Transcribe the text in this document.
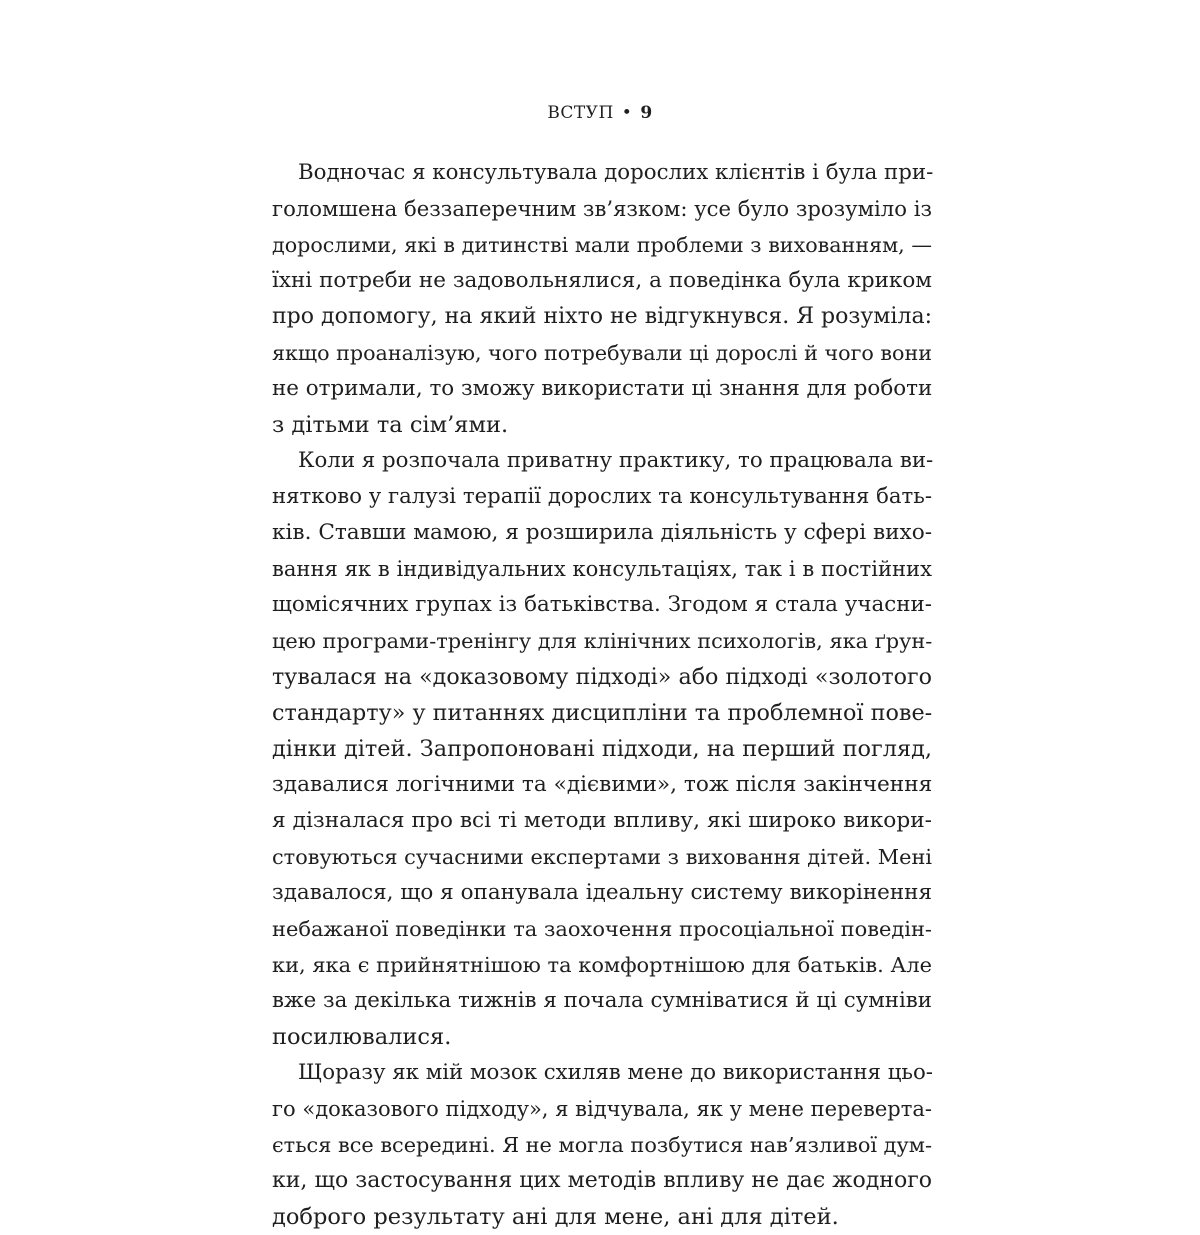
ВСТУП • 9
Водночас я консультувала дорослих клієнтів і була при-
голомшена беззаперечним зв’язком: усе було зрозуміло із
дорослими, які в дитинстві мали проблеми з вихованням, —
їхні потреби не задовольнялися, а поведінка була криком
про допомогу, на який ніхто не відгукнувся. Я розуміла:
якщо проаналізую, чого потребували ці дорослі й чого вони
не отримали, то зможу використати ці знання для роботи
з дітьми та сім’ями.
Коли я розпочала приватну практику, то працювала ви-
нятково у галузі терапії дорослих та консультування бать-
ків. Ставши мамою, я розширила діяльність у сфері вихо-
вання як в індивідуальних консультаціях, так і в постійних
щомісячних групах із батьківства. Згодом я стала учасни-
цею програми-тренінгу для клінічних психологів, яка ґрун-
тувалася на «доказовому підході» або підході «золотого
стандарту» у питаннях дисципліни та проблемної пове-
дінки дітей. Запропоновані підходи, на перший погляд,
здавалися логічними та «дієвими», тож після закінчення
я дізналася про всі ті методи впливу, які широко викори-
стовуються сучасними експертами з виховання дітей. Мені
здавалося, що я опанувала ідеальну систему викорінення
небажаної поведінки та заохочення просоціальної поведін-
ки, яка є прийнятнішою та комфортнішою для батьків. Але
вже за декілька тижнів я почала сумніватися й ці сумніви
посилювалися.
Щоразу як мій мозок схиляв мене до використання цьо-
го «доказового підходу», я відчувала, як у мене переверта-
ється все всередині. Я не могла позбутися нав’язливої дум-
ки, що застосування цих методів впливу не дає жодного
доброго результату ані для мене, ані для дітей.
